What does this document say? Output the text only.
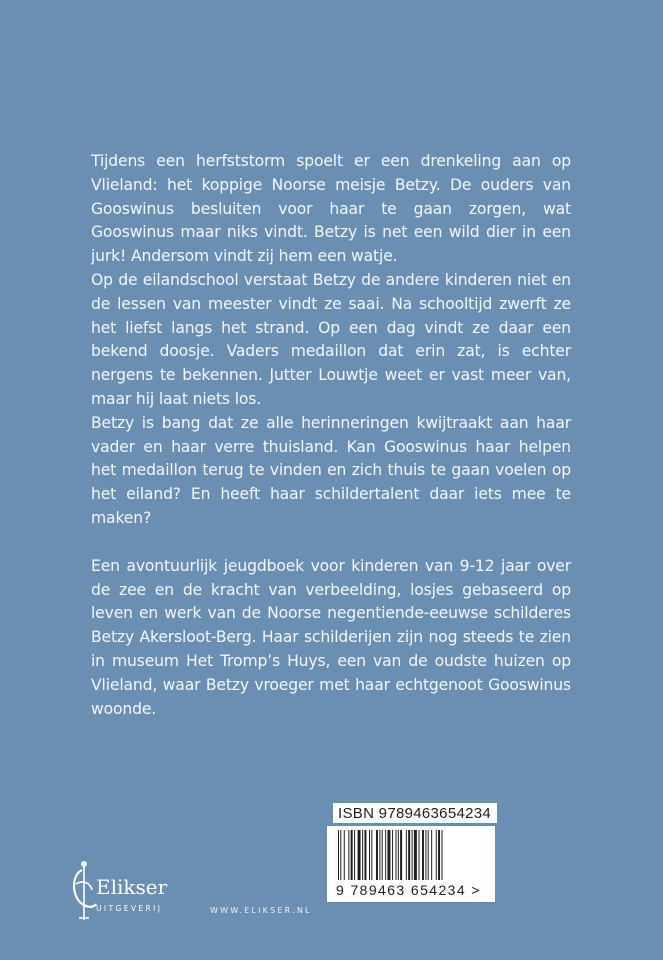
Tijdens een herfststorm spoelt er een drenkeling aan op Vlieland: het koppige Noorse meisje Betzy. De ouders van Gooswinus besluiten voor haar te gaan zorgen, wat Gooswinus maar niks vindt. Betzy is net een wild dier in een jurk! Andersom vindt zij hem een watje.

Op de eilandschool verstaat Betzy de andere kinderen niet en de lessen van meester vindt ze saai. Na schooltijd zwerft ze het liefst langs het strand. Op een dag vindt ze daar een bekend doosje. Vaders medaillon dat erin zat, is echter nergens te bekennen. Jutter Louwtje weet er vast meer van, maar hij laat niets los.

Betzy is bang dat ze alle herinneringen kwijtraakt aan haar vader en haar verre thuisland. Kan Gooswinus haar helpen het medaillon terug te vinden en zich thuis te gaan voelen op het eiland? En heeft haar schildertalent daar iets mee te maken?

Een avontuurlijk jeugdboek voor kinderen van 9-12 jaar over de zee en de kracht van verbeelding, losjes gebaseerd op leven en werk van de Noorse negentiende-eeuwse schilderes Betzy Akersloot-Berg. Haar schilderijen zijn nog steeds te zien in museum Het Tromp’s Huys, een van de oudste huizen op Vlieland, waar Betzy vroeger met haar echtgenoot Gooswinus woonde.

ISBN 9789463654234
9 789463 654234 >
Elikser
UITGEVERIJ	WWW.ELIKSER.NL
